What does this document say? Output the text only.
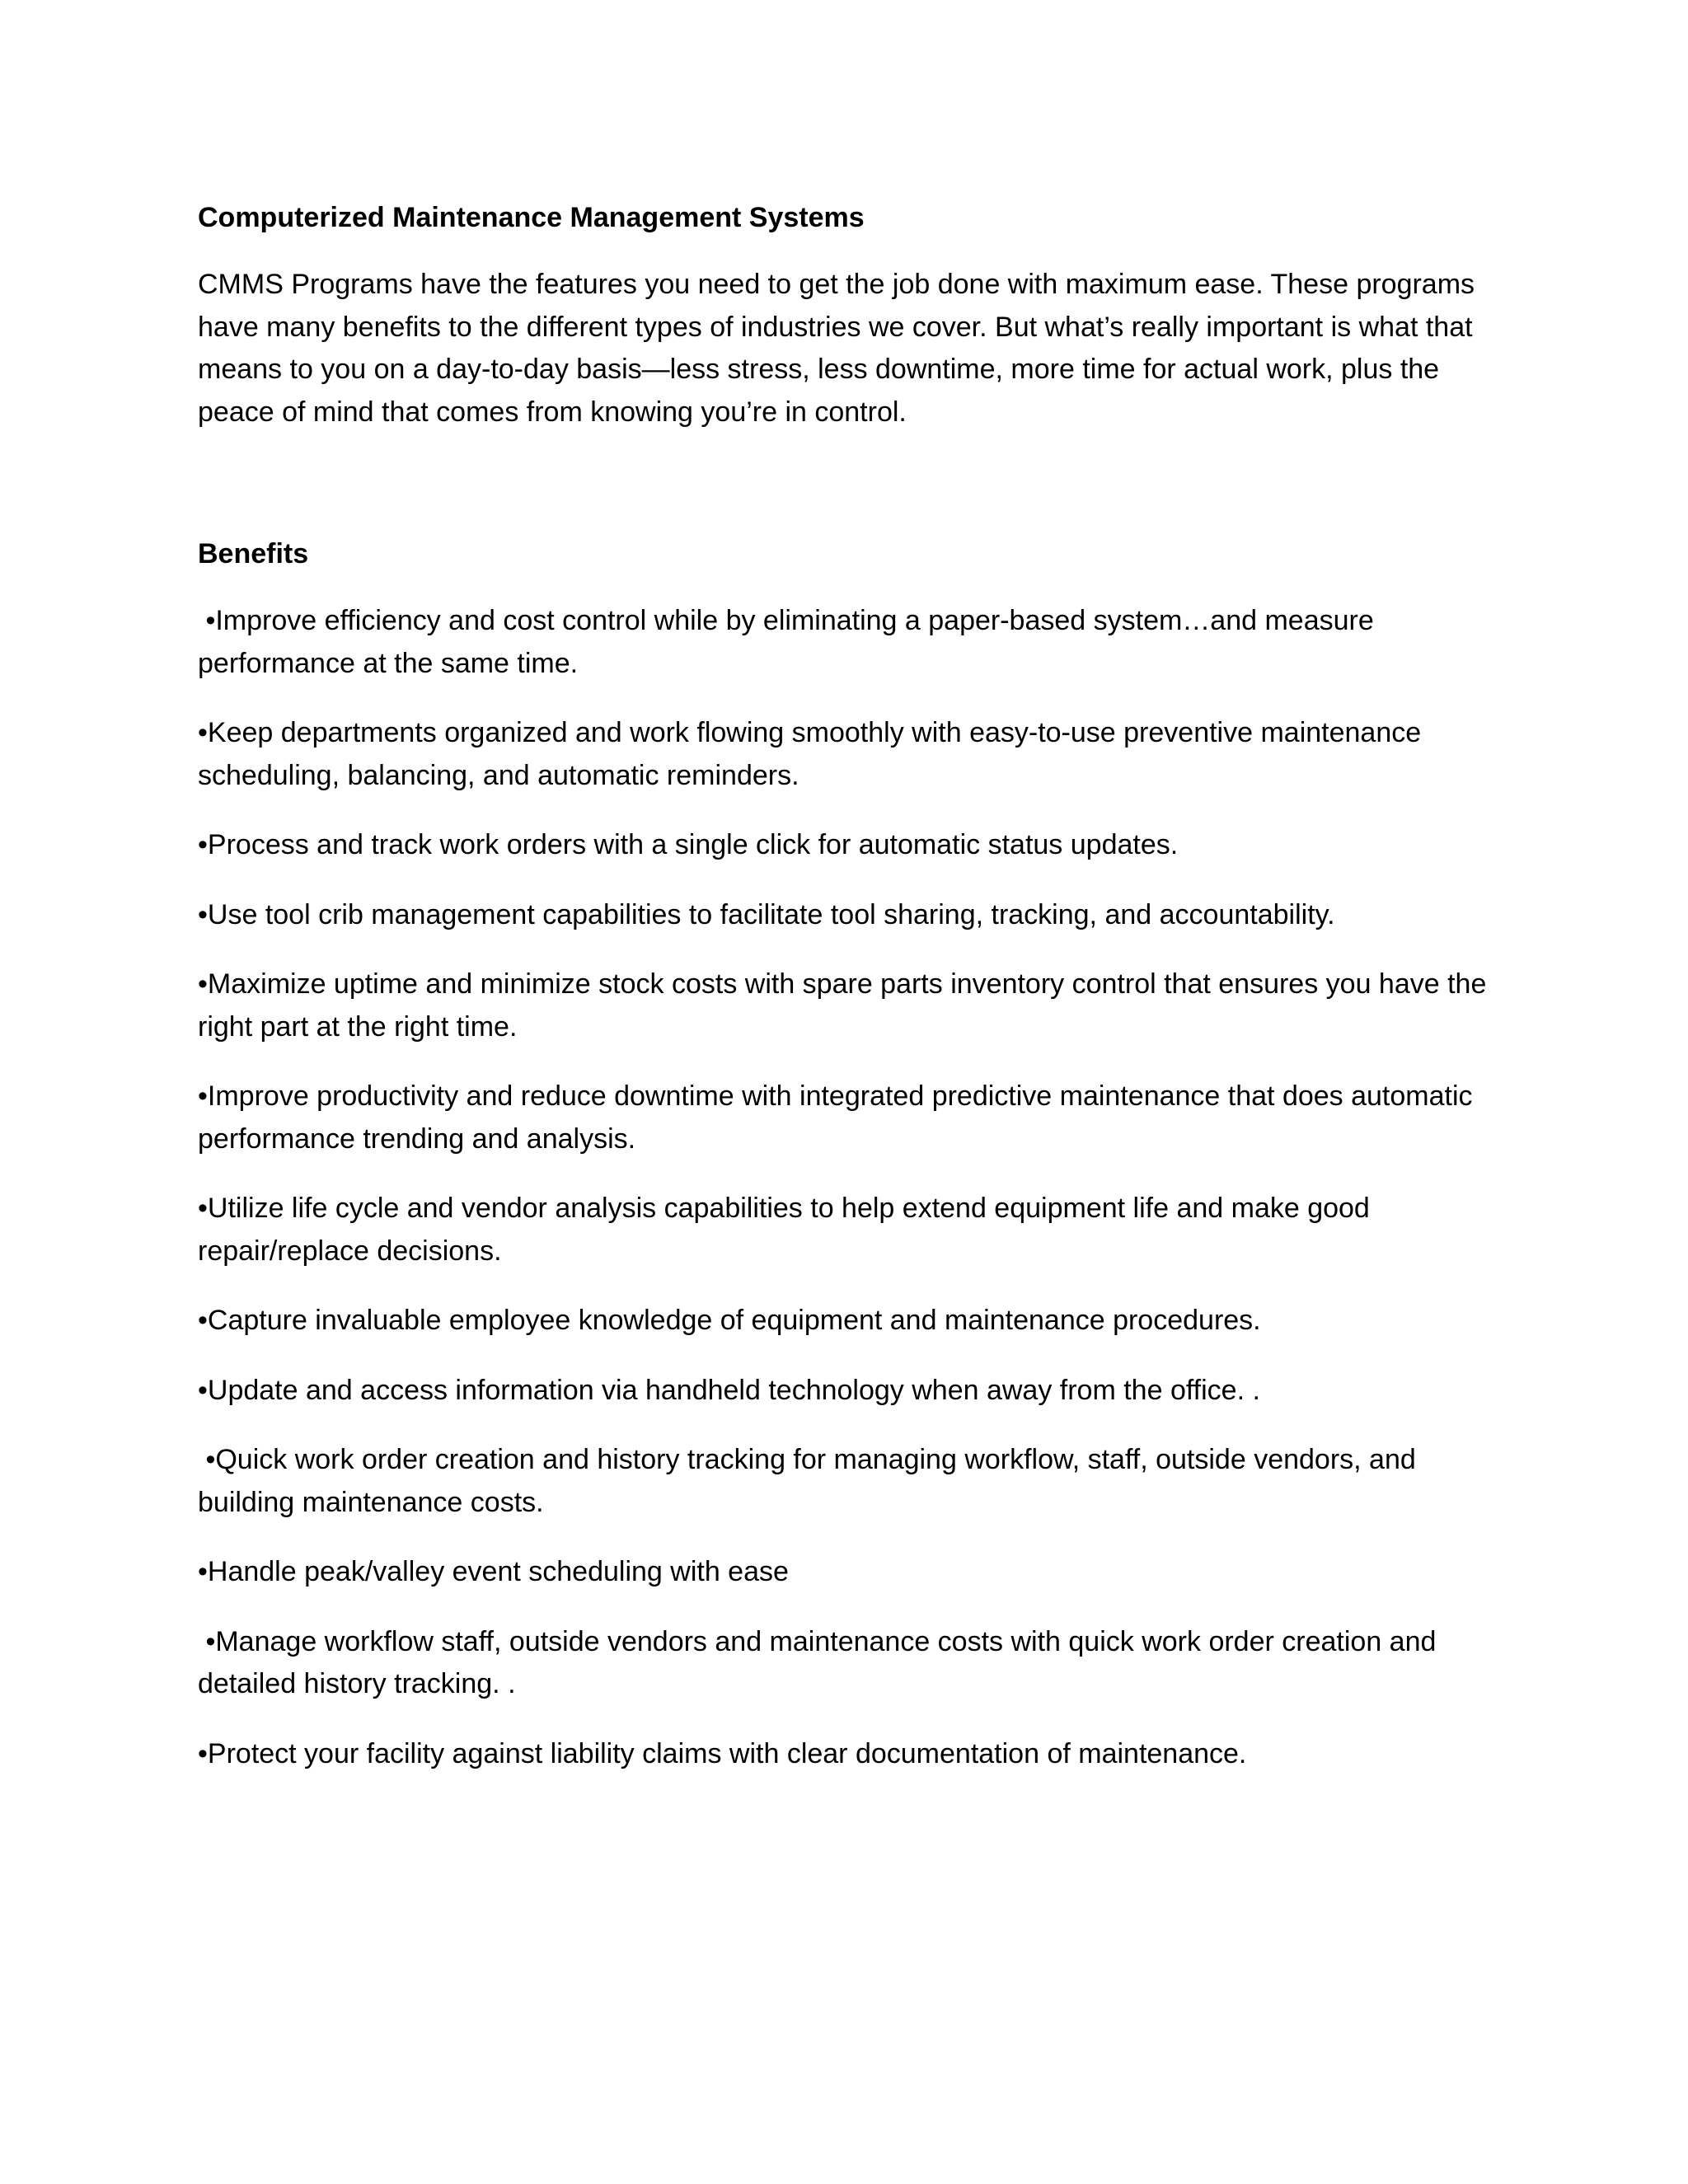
Computerized Maintenance Management Systems

CMMS Programs have the features you need to get the job done with maximum ease. These programs have many benefits to the different types of industries we cover. But what’s really important is what that means to you on a day-to-day basis—less stress, less downtime, more time for actual work, plus the peace of mind that comes from knowing you’re in control.

Benefits
•Improve efficiency and cost control while by eliminating a paper-based system…and measure performance at the same time.
•Keep departments organized and work flowing smoothly with easy-to-use preventive maintenance scheduling, balancing, and automatic reminders.
•Process and track work orders with a single click for automatic status updates.
•Use tool crib management capabilities to facilitate tool sharing, tracking, and accountability.
•Maximize uptime and minimize stock costs with spare parts inventory control that ensures you have the right part at the right time.
•Improve productivity and reduce downtime with integrated predictive maintenance that does automatic performance trending and analysis.
•Utilize life cycle and vendor analysis capabilities to help extend equipment life and make good repair/replace decisions.
•Capture invaluable employee knowledge of equipment and maintenance procedures.
•Update and access information via handheld technology when away from the office. .
•Quick work order creation and history tracking for managing workflow, staff, outside vendors, and building maintenance costs.
•Handle peak/valley event scheduling with ease
•Manage workflow staff, outside vendors and maintenance costs with quick work order creation and detailed history tracking. .
•Protect your facility against liability claims with clear documentation of maintenance.
